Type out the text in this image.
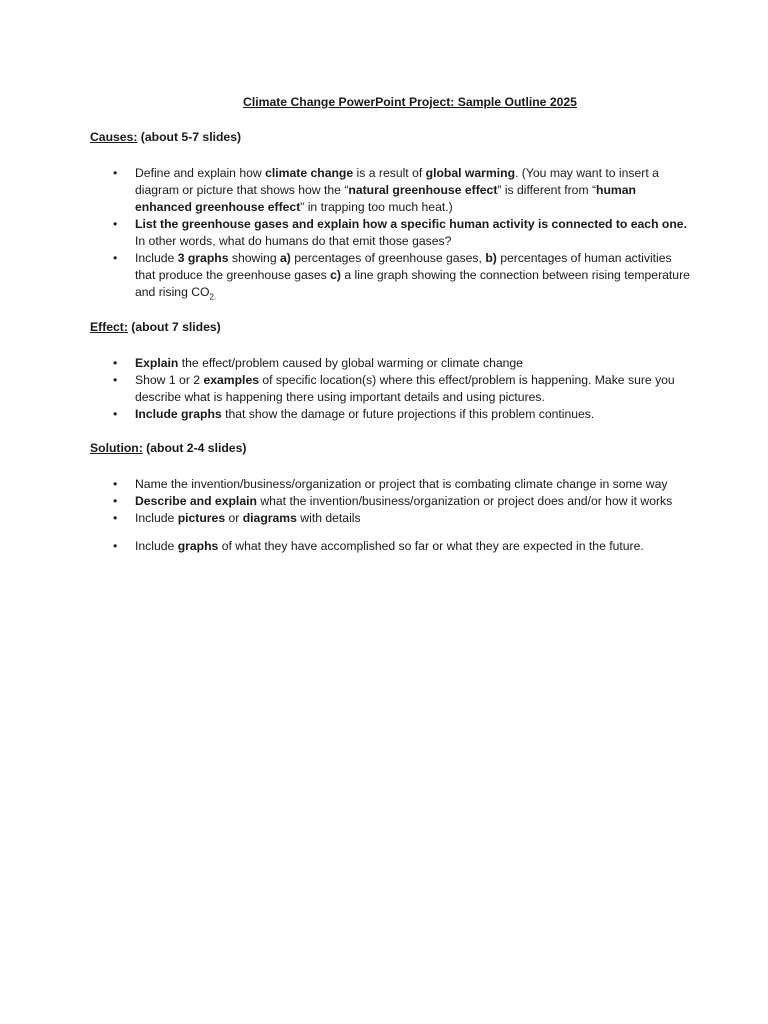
Climate Change PowerPoint Project: Sample Outline 2025
Causes: (about 5-7 slides)
• Define and explain how climate change is a result of global warming. (You may want to insert a diagram or picture that shows how the “natural greenhouse effect” is different from “human enhanced greenhouse effect” in trapping too much heat.)
• List the greenhouse gases and explain how a specific human activity is connected to each one. In other words, what do humans do that emit those gases?
• Include 3 graphs showing a) percentages of greenhouse gases, b) percentages of human activities that produce the greenhouse gases c) a line graph showing the connection between rising temperature and rising $CO_{2.}$
Effect: (about 7 slides)
• Explain the effect/problem caused by global warming or climate change
• Show 1 or 2 examples of specific location(s) where this effect/problem is happening. Make sure you describe what is happening there using important details and using pictures.
• Include graphs that show the damage or future projections if this problem continues.
Solution: (about 2-4 slides)
• Name the invention/business/organization or project that is combating climate change in some way
• Describe and explain what the invention/business/organization or project does and/or how it works
• Include pictures or diagrams with details
• Include graphs of what they have accomplished so far or what they are expected in the future.
